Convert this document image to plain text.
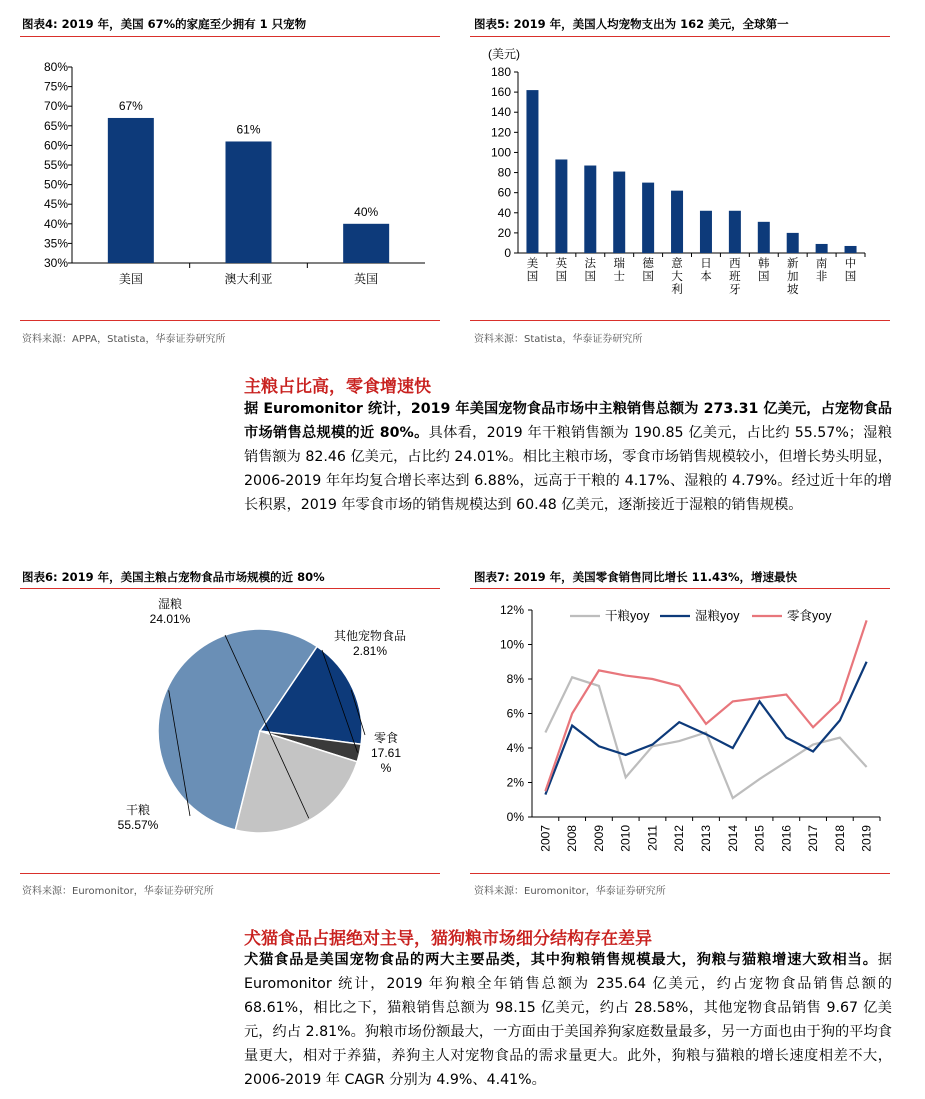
图表4: 2019 年，美国 67%的家庭至少拥有 1 只宠物
30%
35%
40%
45%
50%
55%
60%
65%
70%
75%
80%
67%
美国
61%
澳大利亚
40%
英国
资料来源：APPA，Statista，华泰证券研究所
图表5: 2019 年，美国人均宠物支出为 162 美元，全球第一
(美元)
0
20
40
60
80
100
120
140
160
180
美国
英国
法国
瑞士
德国
意大利
日本
西班牙
韩国
新加坡
南非
中国
资料来源：Statista，华泰证券研究所
主粮占比高，零食增速快
据 Euromonitor 统计，2019 年美国宠物食品市场中主粮销售总额为 273.31 亿美元，占宠物食品市场销售总规模的近 80%。具体看，2019 年干粮销售额为 190.85 亿美元，占比约 55.57%；湿粮销售额为 82.46 亿美元，占比约 24.01%。相比主粮市场，零食市场销售规模较小，但增长势头明显，2006-2019 年年均复合增长率达到 6.88%，远高于干粮的 4.17%、湿粮的 4.79%。经过近十年的增长积累，2019 年零食市场的销售规模达到 60.48 亿美元，逐渐接近于湿粮的销售规模。
图表6: 2019 年，美国主粮占宠物食品市场规模的近 80%
干粮
55.57%
零食
17.61
%
其他宠物食品
2.81%
湿粮
24.01%
资料来源：Euromonitor，华泰证券研究所
图表7: 2019 年，美国零食销售同比增长 11.43%，增速最快
0%
2%
4%
6%
8%
10%
12%
2007 2008 2009 2010 2011 2012 2013 2014 2015 2016 2017 2018 2019
干粮yoy	湿粮yoy	零食yoy
资料来源：Euromonitor，华泰证券研究所
犬猫食品占据绝对主导，猫狗粮市场细分结构存在差异
犬猫食品是美国宠物食品的两大主要品类，其中狗粮销售规模最大，狗粮与猫粮增速大致相当。据 Euromonitor 统计，2019 年狗粮全年销售总额为 235.64 亿美元，约占宠物食品销售总额的 68.61%，相比之下，猫粮销售总额为 98.15 亿美元，约占 28.58%，其他宠物食品销售 9.67 亿美元，约占 2.81%。狗粮市场份额最大，一方面由于美国养狗家庭数量最多，另一方面也由于狗的平均食量更大，相对于养猫，养狗主人对宠物食品的需求量更大。此外，狗粮与猫粮的增长速度相差不大，2006-2019 年 CAGR 分别为 4.9%、4.41%。
